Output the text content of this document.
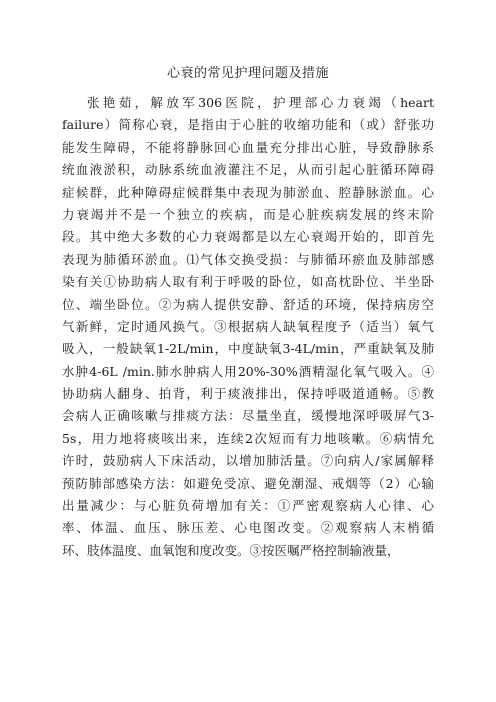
心衰的常见护理问题及措施
张艳茹，解放军306医院，护理部心力衰竭（heart
failure）简称心衰，是指由于心脏的收缩功能和（或）舒张功
能发生障碍，不能将静脉回心血量充分排出心脏，导致静脉系
统血液淤积，动脉系统血液灌注不足，从而引起心脏循环障碍
症候群，此种障碍症候群集中表现为肺淤血、腔静脉淤血。心
力衰竭并不是一个独立的疾病，而是心脏疾病发展的终末阶
段。其中绝大多数的心力衰竭都是以左心衰竭开始的，即首先
表现为肺循环淤血。⑴气体交换受损：与肺循环瘀血及肺部感
染有关①协助病人取有利于呼吸的卧位，如高枕卧位、半坐卧
位、端坐卧位。②为病人提供安静、舒适的环境，保持病房空
气新鲜，定时通风换气。③根据病人缺氧程度予（适当）氧气
吸入，一般缺氧1-2L/min，中度缺氧3-4L/min，严重缺氧及肺
水肿4-6L /min.肺水肿病人用20%-30%酒精湿化氧气吸入。④
协助病人翻身、拍背，利于痰液排出，保持呼吸道通畅。⑤教
会病人正确咳嗽与排痰方法：尽量坐直，缓慢地深呼吸屏气3-
5s，用力地将痰咳出来，连续2次短而有力地咳嗽。⑥病情允
许时，鼓励病人下床活动，以增加肺活量。⑦向病人/家属解释
预防肺部感染方法：如避免受凉、避免潮湿、戒烟等（2）心输
出量减少：与心脏负荷增加有关：①严密观察病人心律、心
率、体温、血压、脉压差、心电图改变。②观察病人末梢循
环、肢体温度、血氧饱和度改变。③按医嘱严格控制输液量，
